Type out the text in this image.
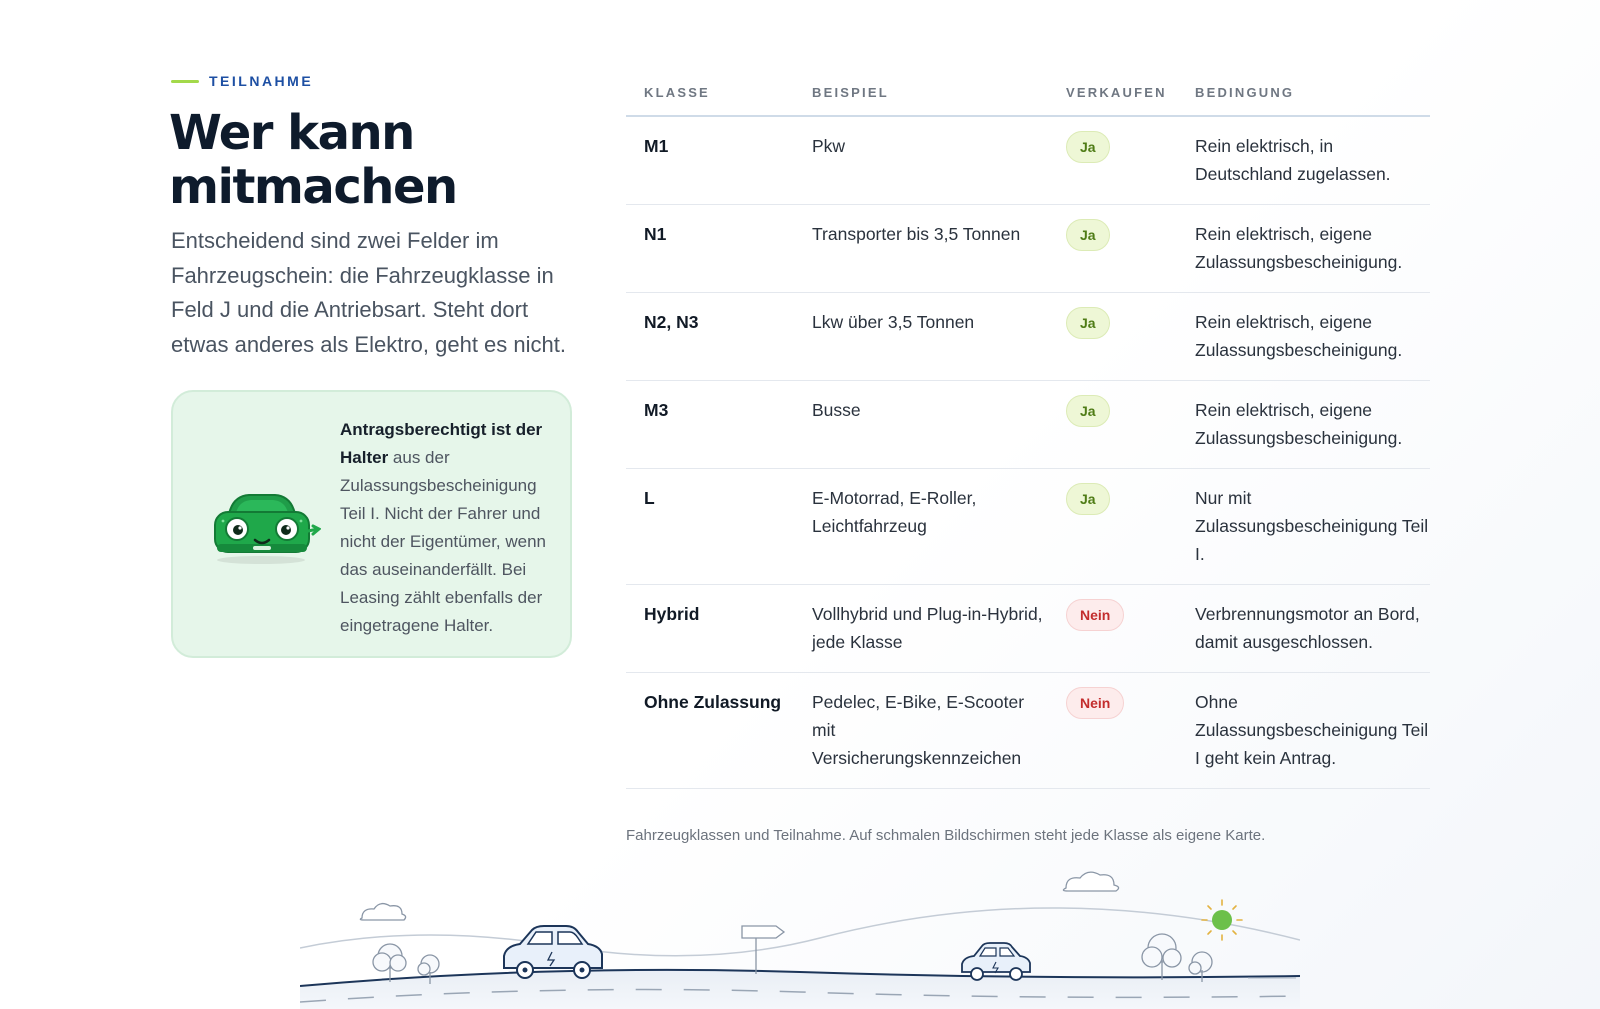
TEILNAHME
Wer kann mitmachen

Entscheidend sind zwei Felder im Fahrzeugschein: die Fahrzeugklasse in Feld J und die Antriebsart. Steht dort etwas anderes als Elektro, geht es nicht.

Antragsberechtigt ist der Halter aus der Zulassungsbescheinigung Teil I. Nicht der Fahrer und nicht der Eigentümer, wenn das auseinanderfällt. Bei Leasing zählt ebenfalls der eingetragene Halter.

KLASSE	BEISPIEL	VERKAUFEN	BEDINGUNG
M1	Pkw	Ja	Rein elektrisch, in Deutschland zugelassen.
N1	Transporter bis 3,5 Tonnen	Ja	Rein elektrisch, eigene Zulassungsbescheinigung.
N2, N3	Lkw über 3,5 Tonnen	Ja	Rein elektrisch, eigene Zulassungsbescheinigung.
M3	Busse	Ja	Rein elektrisch, eigene Zulassungsbescheinigung.
L	E-Motorrad, E-Roller, Leichtfahrzeug	Ja	Nur mit Zulassungsbescheinigung Teil I.
Hybrid	Vollhybrid und Plug-in-Hybrid, jede Klasse	Nein	Verbrennungsmotor an Bord, damit ausgeschlossen.
Ohne Zulassung	Pedelec, E-Bike, E-Scooter mit Versicherungskennzeichen	Nein	Ohne Zulassungsbescheinigung Teil I geht kein Antrag.

Fahrzeugklassen und Teilnahme. Auf schmalen Bildschirmen steht jede Klasse als eigene Karte.
